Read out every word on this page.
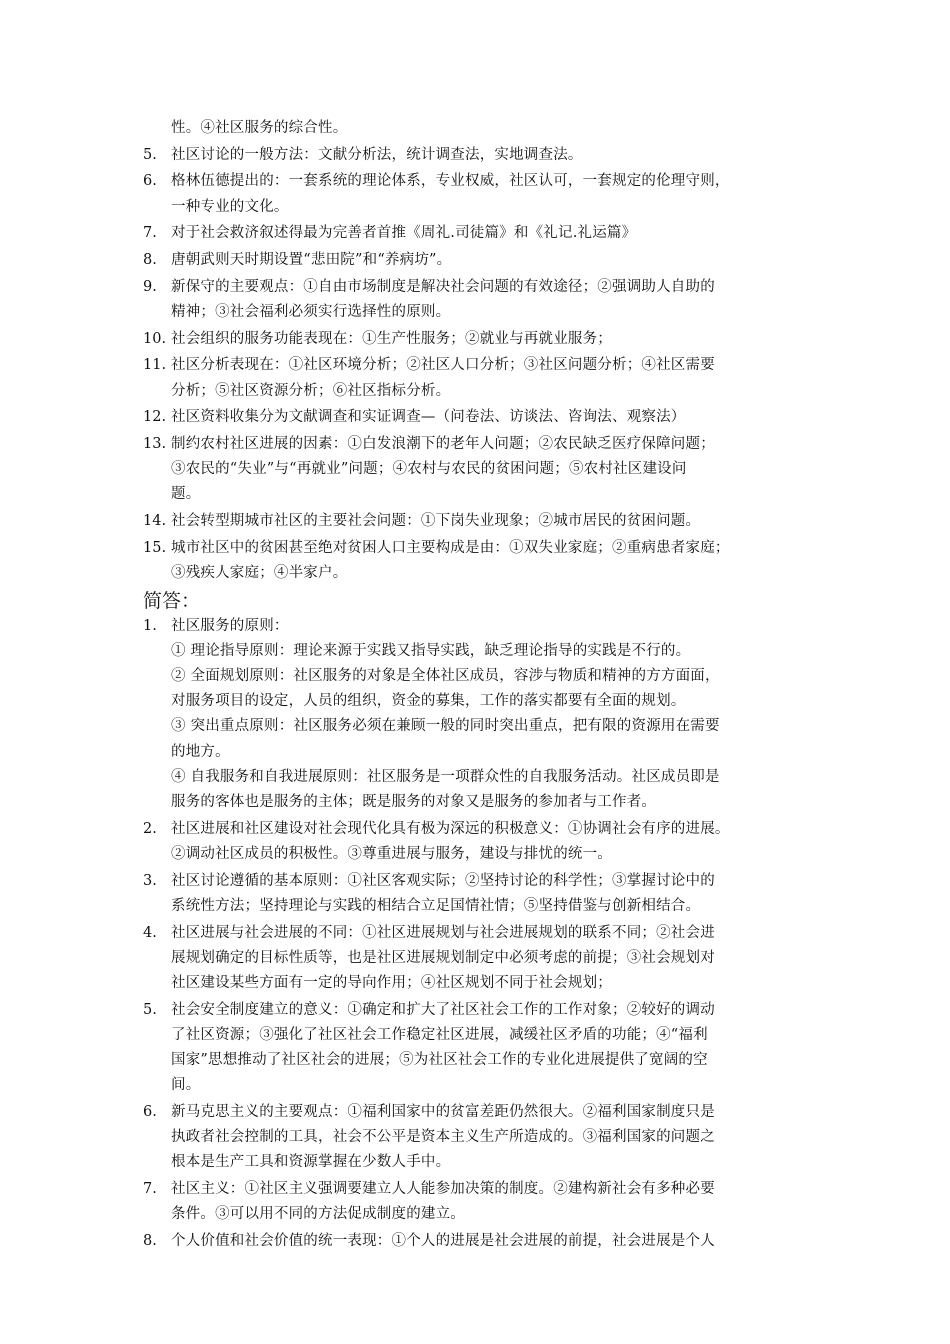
性。④社区服务的综合性。
5. 社区讨论的一般方法：文献分析法，统计调查法，实地调查法。
6. 格林伍德提出的：一套系统的理论体系，专业权威，社区认可，一套规定的伦理守则，
一种专业的文化。
7. 对于社会救济叙述得最为完善者首推《周礼.司徒篇》和《礼记.礼运篇》
8. 唐朝武则天时期设置“悲田院”和“养病坊”。
9. 新保守的主要观点：①自由市场制度是解决社会问题的有效途径；②强调助人自助的
精神；③社会福利必须实行选择性的原则。
10. 社会组织的服务功能表现在：①生产性服务；②就业与再就业服务；
11. 社区分析表现在：①社区环境分析；②社区人口分析；③社区问题分析；④社区需要
分析；⑤社区资源分析；⑥社区指标分析。
12. 社区资料收集分为文献调查和实证调查—（问卷法、访谈法、咨询法、观察法）
13. 制约农村社区进展的因素：①白发浪潮下的老年人问题；②农民缺乏医疗保障问题；
③农民的“失业”与“再就业”问题；④农村与农民的贫困问题；⑤农村社区建设问
题。
14. 社会转型期城市社区的主要社会问题：①下岗失业现象；②城市居民的贫困问题。
15. 城市社区中的贫困甚至绝对贫困人口主要构成是由：①双失业家庭；②重病患者家庭；
③残疾人家庭；④半家户。
简答：
1. 社区服务的原则：
① 理论指导原则：理论来源于实践又指导实践，缺乏理论指导的实践是不行的。
② 全面规划原则：社区服务的对象是全体社区成员，容涉与物质和精神的方方面面，
对服务项目的设定，人员的组织，资金的募集，工作的落实都要有全面的规划。
③ 突出重点原则：社区服务必须在兼顾一般的同时突出重点，把有限的资源用在需要
的地方。
④ 自我服务和自我进展原则：社区服务是一项群众性的自我服务活动。社区成员即是
服务的客体也是服务的主体；既是服务的对象又是服务的参加者与工作者。
2. 社区进展和社区建设对社会现代化具有极为深远的积极意义：①协调社会有序的进展。
②调动社区成员的积极性。③尊重进展与服务，建设与排忧的统一。
3. 社区讨论遵循的基本原则：①社区客观实际；②坚持讨论的科学性；③掌握讨论中的
系统性方法；坚持理论与实践的相结合立足国情社情；⑤坚持借鉴与创新相结合。
4. 社区进展与社会进展的不同：①社区进展规划与社会进展规划的联系不同；②社会进
展规划确定的目标性质等，也是社区进展规划制定中必须考虑的前提；③社会规划对
社区建设某些方面有一定的导向作用；④社区规划不同于社会规划；
5. 社会安全制度建立的意义：①确定和扩大了社区社会工作的工作对象；②较好的调动
了社区资源；③强化了社区社会工作稳定社区进展，减缓社区矛盾的功能；④“福利
国家”思想推动了社区社会的进展；⑤为社区社会工作的专业化进展提供了宽阔的空
间。
6. 新马克思主义的主要观点：①福利国家中的贫富差距仍然很大。②福利国家制度只是
执政者社会控制的工具，社会不公平是资本主义生产所造成的。③福利国家的问题之
根本是生产工具和资源掌握在少数人手中。
7. 社区主义：①社区主义强调要建立人人能参加决策的制度。②建构新社会有多种必要
条件。③可以用不同的方法促成制度的建立。
8. 个人价值和社会价值的统一表现：①个人的进展是社会进展的前提，社会进展是个人
